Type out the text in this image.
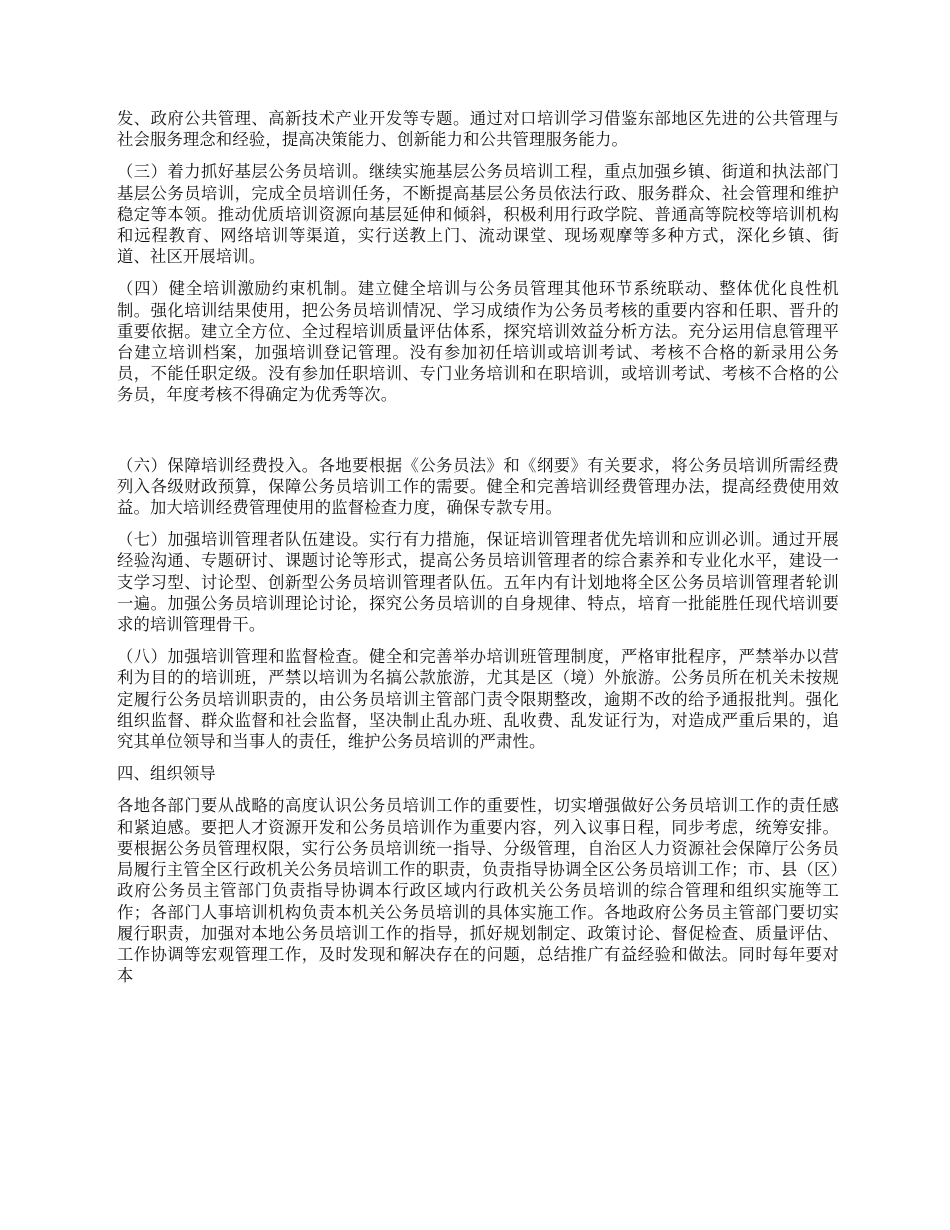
发、政府公共管理、高新技术产业开发等专题。通过对口培训学习借鉴东部地区先进的公共管理与社会服务理念和经验，提高决策能力、创新能力和公共管理服务能力。

（三）着力抓好基层公务员培训。继续实施基层公务员培训工程，重点加强乡镇、街道和执法部门基层公务员培训，完成全员培训任务，不断提高基层公务员依法行政、服务群众、社会管理和维护稳定等本领。推动优质培训资源向基层延伸和倾斜，积极利用行政学院、普通高等院校等培训机构和远程教育、网络培训等渠道，实行送教上门、流动课堂、现场观摩等多种方式，深化乡镇、街道、社区开展培训。

（四）健全培训激励约束机制。建立健全培训与公务员管理其他环节系统联动、整体优化良性机制。强化培训结果使用，把公务员培训情况、学习成绩作为公务员考核的重要内容和任职、晋升的重要依据。建立全方位、全过程培训质量评估体系，探究培训效益分析方法。充分运用信息管理平台建立培训档案，加强培训登记管理。没有参加初任培训或培训考试、考核不合格的新录用公务员，不能任职定级。没有参加任职培训、专门业务培训和在职培训，或培训考试、考核不合格的公务员，年度考核不得确定为优秀等次。

（六）保障培训经费投入。各地要根据《公务员法》和《纲要》有关要求，将公务员培训所需经费列入各级财政预算，保障公务员培训工作的需要。健全和完善培训经费管理办法，提高经费使用效益。加大培训经费管理使用的监督检查力度，确保专款专用。

（七）加强培训管理者队伍建设。实行有力措施，保证培训管理者优先培训和应训必训。通过开展经验沟通、专题研讨、课题讨论等形式，提高公务员培训管理者的综合素养和专业化水平，建设一支学习型、讨论型、创新型公务员培训管理者队伍。五年内有计划地将全区公务员培训管理者轮训一遍。加强公务员培训理论讨论，探究公务员培训的自身规律、特点，培育一批能胜任现代培训要求的培训管理骨干。

（八）加强培训管理和监督检查。健全和完善举办培训班管理制度，严格审批程序，严禁举办以营利为目的的培训班，严禁以培训为名搞公款旅游，尤其是区（境）外旅游。公务员所在机关未按规定履行公务员培训职责的，由公务员培训主管部门责令限期整改，逾期不改的给予通报批判。强化组织监督、群众监督和社会监督，坚决制止乱办班、乱收费、乱发证行为，对造成严重后果的，追究其单位领导和当事人的责任，维护公务员培训的严肃性。

四、组织领导

各地各部门要从战略的高度认识公务员培训工作的重要性，切实增强做好公务员培训工作的责任感和紧迫感。要把人才资源开发和公务员培训作为重要内容，列入议事日程，同步考虑，统筹安排。要根据公务员管理权限，实行公务员培训统一指导、分级管理，自治区人力资源社会保障厅公务员局履行主管全区行政机关公务员培训工作的职责，负责指导协调全区公务员培训工作；市、县（区）政府公务员主管部门负责指导协调本行政区域内行政机关公务员培训的综合管理和组织实施等工作；各部门人事培训机构负责本机关公务员培训的具体实施工作。各地政府公务员主管部门要切实履行职责，加强对本地公务员培训工作的指导，抓好规划制定、政策讨论、督促检查、质量评估、工作协调等宏观管理工作，及时发现和解决存在的问题，总结推广有益经验和做法。同时每年要对本
